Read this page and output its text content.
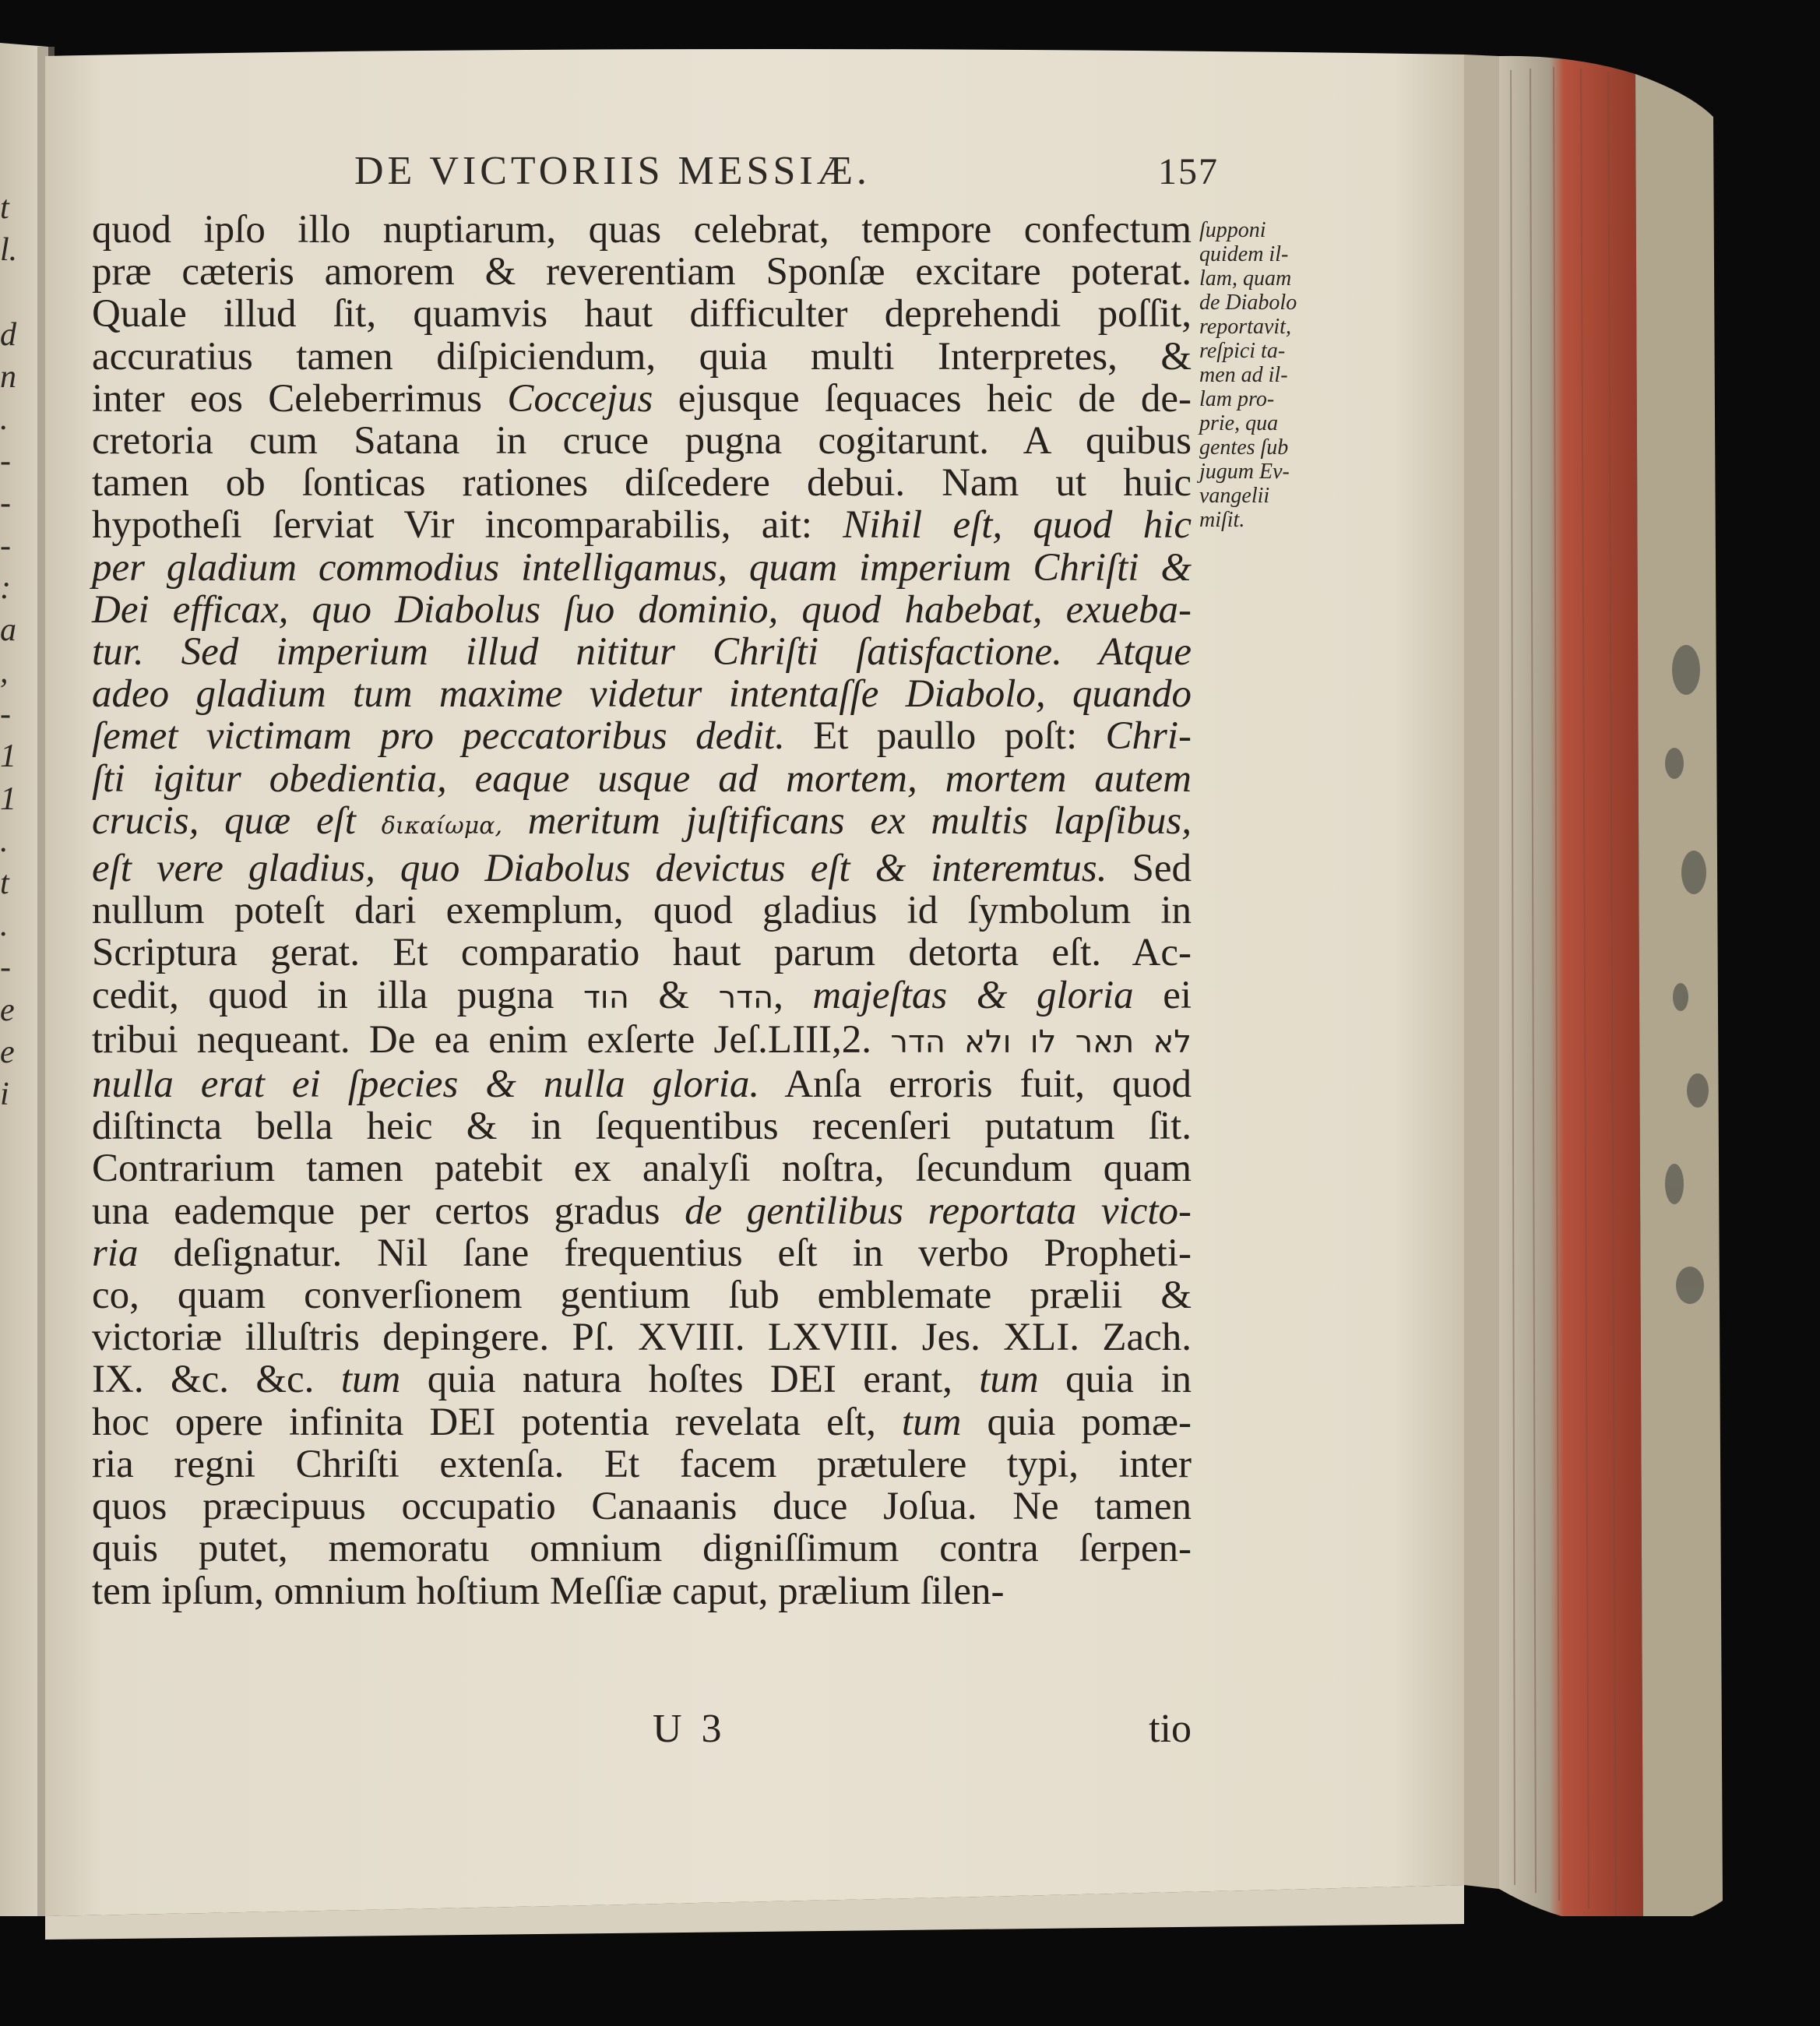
t
l.
d
n
.
-
-
-
:
a
,
-
1
1
.
t
.
-
e
e
i
DE VICTORIIS MESSIÆ.	157
quod ipſo illo nuptiarum, quas celebrat, tempore confectum
præ cæteris amorem & reverentiam Sponſæ excitare poterat.
Quale illud ſit, quamvis haut difficulter deprehendi poſſit,
accuratius tamen diſpiciendum, quia multi Interpretes, &
inter eos Celeberrimus Coccejus ejusque ſequaces heic de de-
cretoria cum Satana in cruce pugna cogitarunt. A quibus
tamen ob ſonticas rationes diſcedere debui. Nam ut huic
hypotheſi ſerviat Vir incomparabilis, ait: Nihil eſt, quod hic
per gladium commodius intelligamus, quam imperium Chriſti &
Dei efficax, quo Diabolus ſuo dominio, quod habebat, exueba-
tur. Sed imperium illud nititur Chriſti ſatisfactione. Atque
adeo gladium tum maxime videtur intentaſſe Diabolo, quando
ſemet victimam pro peccatoribus dedit. Et paullo poſt: Chri-
ſti igitur obedientia, eaque usque ad mortem, mortem autem
crucis, quæ eſt δικαίωμα, meritum juſtificans ex multis lapſibus,
eſt vere gladius, quo Diabolus devictus eſt & interemtus. Sed
nullum poteſt dari exemplum, quod gladius id ſymbolum in
Scriptura gerat. Et comparatio haut parum detorta eſt. Ac-
cedit, quod in illa pugna הוד & הדר, majeſtas & gloria ei
tribui nequeant. De ea enim exſerte Jeſ.LIII,2. לא תאר לו ולא הדר
nulla erat ei ſpecies & nulla gloria. Anſa erroris fuit, quod
diſtincta bella heic & in ſequentibus recenſeri putatum ſit.
Contrarium tamen patebit ex analyſi noſtra, ſecundum quam
una eademque per certos gradus de gentilibus reportata victo-
ria deſignatur. Nil ſane frequentius eſt in verbo Propheti-
co, quam converſionem gentium ſub emblemate prælii &
victoriæ illuſtris depingere. Pſ. XVIII. LXVIII. Jes. XLI. Zach.
IX. &c. &c. tum quia natura hoſtes DEI erant, tum quia in
hoc opere infinita DEI potentia revelata eſt, tum quia pomæ-
ria regni Chriſti extenſa. Et facem prætulere typi, inter
quos præcipuus occupatio Canaanis duce Joſua. Ne tamen
quis putet, memoratu omnium digniſſimum contra ſerpen-
tem ipſum, omnium hoſtium Meſſiæ caput, prælium ſilen-
ſupponi
quidem il-
lam, quam
de Diabolo
reportavit,
reſpici ta-
men ad il-
lam pro-
prie, qua
gentes ſub
jugum Ev-
vangelii
miſit.
U 3	tio
